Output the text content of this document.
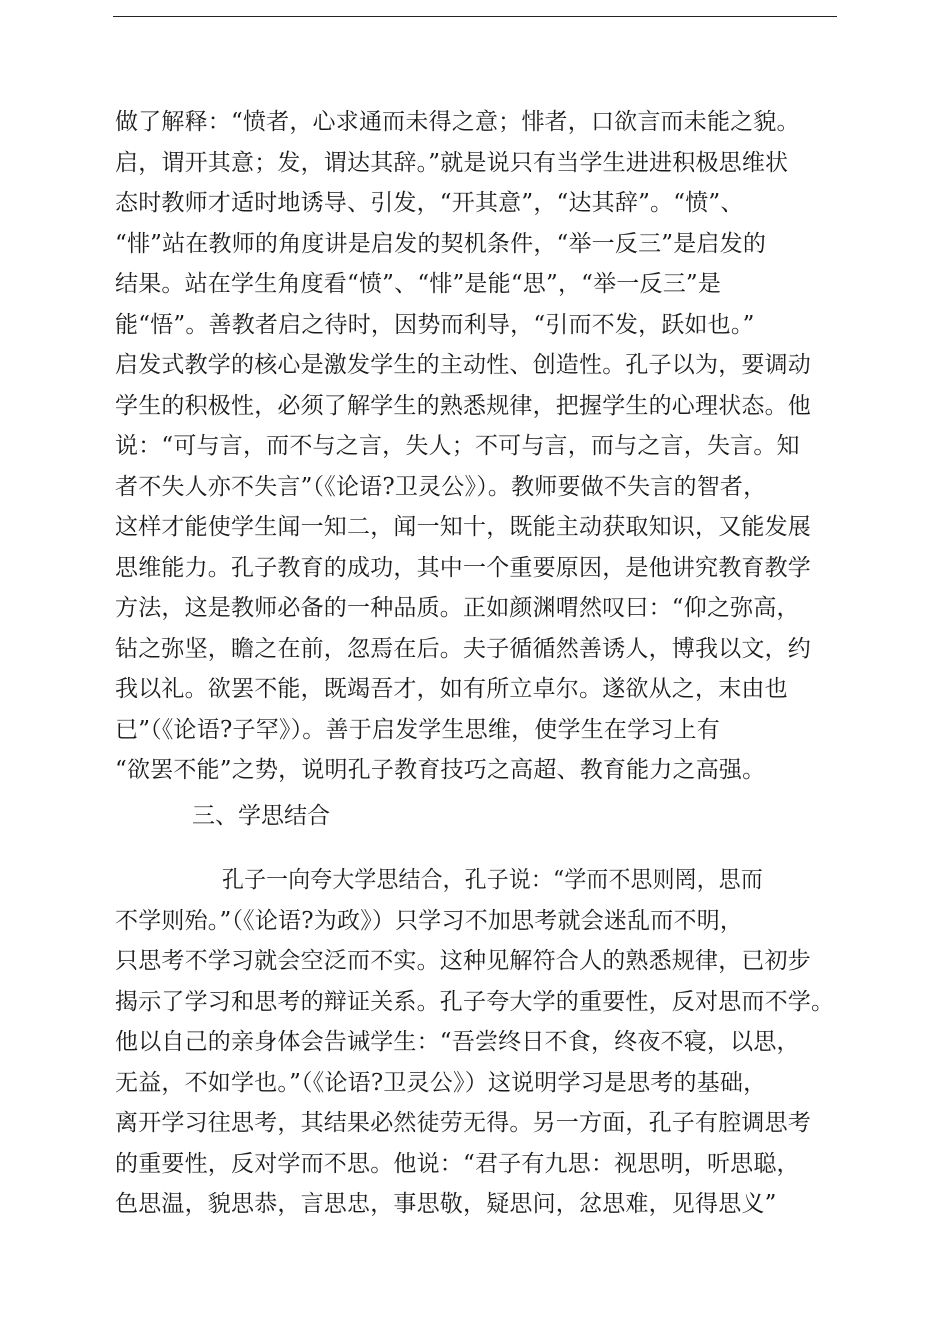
做了解释：“愤者，心求通而未得之意；悱者，口欲言而未能之貌。
启，谓开其意；发，谓达其辞。”就是说只有当学生进进积极思维状
态时教师才适时地诱导、引发，“开其意”，“达其辞”。“愤”、
“悱”站在教师的角度讲是启发的契机条件，“举一反三”是启发的
结果。站在学生角度看“愤”、“悱”是能“思”，“举一反三”是
能“悟”。善教者启之待时，因势而利导，“引而不发，跃如也。”
启发式教学的核心是激发学生的主动性、创造性。孔子以为，要调动
学生的积极性，必须了解学生的熟悉规律，把握学生的心理状态。他
说：“可与言，而不与之言，失人；不可与言，而与之言，失言。知
者不失人亦不失言”（《论语?卫灵公》）。教师要做不失言的智者，
这样才能使学生闻一知二，闻一知十，既能主动获取知识，又能发展
思维能力。孔子教育的成功，其中一个重要原因，是他讲究教育教学
方法，这是教师必备的一种品质。正如颜渊喟然叹曰：“仰之弥高，
钻之弥坚，瞻之在前，忽焉在后。夫子循循然善诱人，博我以文，约
我以礼。欲罢不能，既竭吾才，如有所立卓尔。遂欲从之，末由也
已”（《论语?子罕》）。善于启发学生思维，使学生在学习上有
“欲罢不能”之势，说明孔子教育技巧之高超、教育能力之高强。
三、学思结合
孔子一向夸大学思结合，孔子说：“学而不思则罔，思而
不学则殆。”（《论语?为政》）只学习不加思考就会迷乱而不明，
只思考不学习就会空泛而不实。这种见解符合人的熟悉规律，已初步
揭示了学习和思考的辩证关系。孔子夸大学的重要性，反对思而不学。
他以自己的亲身体会告诫学生：“吾尝终日不食，终夜不寝，以思，
无益，不如学也。”（《论语?卫灵公》）这说明学习是思考的基础，
离开学习往思考，其结果必然徒劳无得。另一方面，孔子有腔调思考
的重要性，反对学而不思。他说：“君子有九思：视思明，听思聪，
色思温，貌思恭，言思忠，事思敬，疑思问，忿思难，见得思义”
